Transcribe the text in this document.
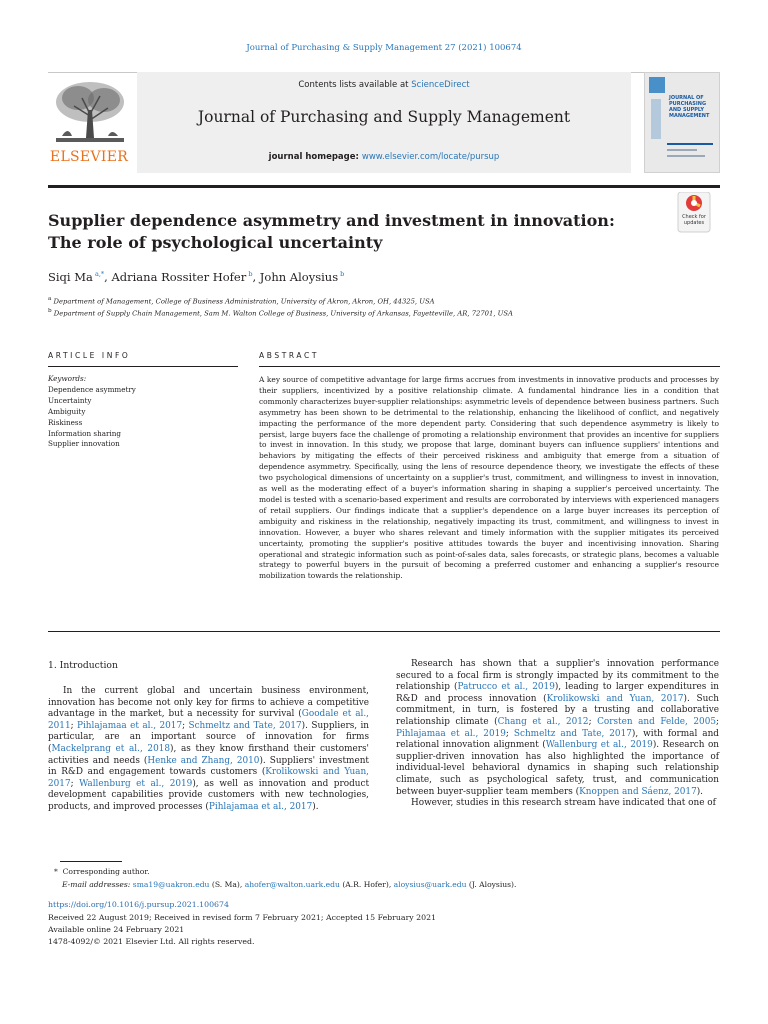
Journal of Purchasing & Supply Management 27 (2021) 100674
Contents lists available at ScienceDirect
Journal of Purchasing and Supply Management
journal homepage: www.elsevier.com/locate/pursup
ELSEVIER
JOURNAL OF PURCHASING AND SUPPLY MANAGEMENT
Supplier dependence asymmetry and investment in innovation: The role of psychological uncertainty
Check for updates
Siqi Ma $^{a,*}$, Adriana Rossiter Hofer $^b$, John Aloysius $^b$
$^a$ Department of Management, College of Business Administration, University of Akron, Akron, OH, 44325, USA
$^b$ Department of Supply Chain Management, Sam M. Walton College of Business, University of Arkansas, Fayetteville, AR, 72701, USA
ARTICLE INFO	ABSTRACT
Keywords:
Dependence asymmetry
Uncertainty
Ambiguity
Riskiness
Information sharing
Supplier innovation
A key source of competitive advantage for large firms accrues from investments in innovative products and processes by their suppliers, incentivized by a positive relationship climate. A fundamental hindrance lies in a condition that commonly characterizes buyer-supplier relationships: asymmetric levels of dependence between business partners. Such asymmetry has been shown to be detrimental to the relationship, enhancing the likelihood of conflict, and negatively impacting the performance of the more dependent party. Considering that such dependence asymmetry is likely to persist, large buyers face the challenge of promoting a relationship environment that provides an incentive for suppliers to invest in innovation. In this study, we propose that large, dominant buyers can influence suppliers' intentions and behaviors by mitigating the effects of their perceived riskiness and ambiguity that emerge from a situation of dependence asymmetry. Specifically, using the lens of resource dependence theory, we investigate the effects of these two psychological dimensions of uncertainty on a supplier's trust, commitment, and willingness to invest in innovation, as well as the moderating effect of a buyer's information sharing in shaping a supplier's perceived uncertainty. The model is tested with a scenario-based experiment and results are corroborated by interviews with experienced managers of retail suppliers. Our findings indicate that a supplier's dependence on a large buyer increases its perception of ambiguity and riskiness in the relationship, negatively impacting its trust, commitment, and willingness to invest in innovation. However, a buyer who shares relevant and timely information with the supplier mitigates its perceived uncertainty, promoting the supplier's positive attitudes towards the buyer and incentivising innovation. Sharing operational and strategic information such as point-of-sales data, sales forecasts, or strategic plans, becomes a valuable strategy to powerful buyers in the pursuit of becoming a preferred customer and enhancing a supplier's resource mobilization towards the relationship.
1. Introduction

In the current global and uncertain business environment, innovation has become not only key for firms to achieve a competitive advantage in the market, but a necessity for survival (Goodale et al., 2011; Pihlajamaa et al., 2017; Schmeltz and Tate, 2017). Suppliers, in particular, are an important source of innovation for firms (Mackelprang et al., 2018), as they know firsthand their customers' activities and needs (Henke and Zhang, 2010). Suppliers' investment in R&D and engagement towards customers (Krolikowski and Yuan, 2017; Wallenburg et al., 2019), as well as innovation and product development capabilities provide customers with new technologies, products, and improved processes (Pihlajamaa et al., 2017).

Research has shown that a supplier's innovation performance secured to a focal firm is strongly impacted by its commitment to the relationship (Patrucco et al., 2019), leading to larger expenditures in R&D and process innovation (Krolikowski and Yuan, 2017). Such commitment, in turn, is fostered by a trusting and collaborative relationship climate (Chang et al., 2012; Corsten and Felde, 2005; Pihlajamaa et al., 2019; Schmeltz and Tate, 2017), with formal and relational innovation alignment (Wallenburg et al., 2019). Research on supplier-driven innovation has also highlighted the importance of individual-level behavioral dynamics in shaping such relationship climate, such as psychological safety, trust, and communication between buyer-supplier team members (Knoppen and Sáenz, 2017).

However, studies in this research stream have indicated that one of

* Corresponding author.
E-mail addresses: sma19@uakron.edu (S. Ma), ahofer@walton.uark.edu (A.R. Hofer), aloysius@uark.edu (J. Aloysius).
https://doi.org/10.1016/j.pursup.2021.100674
Received 22 August 2019; Received in revised form 7 February 2021; Accepted 15 February 2021
Available online 24 February 2021
1478-4092/© 2021 Elsevier Ltd. All rights reserved.
